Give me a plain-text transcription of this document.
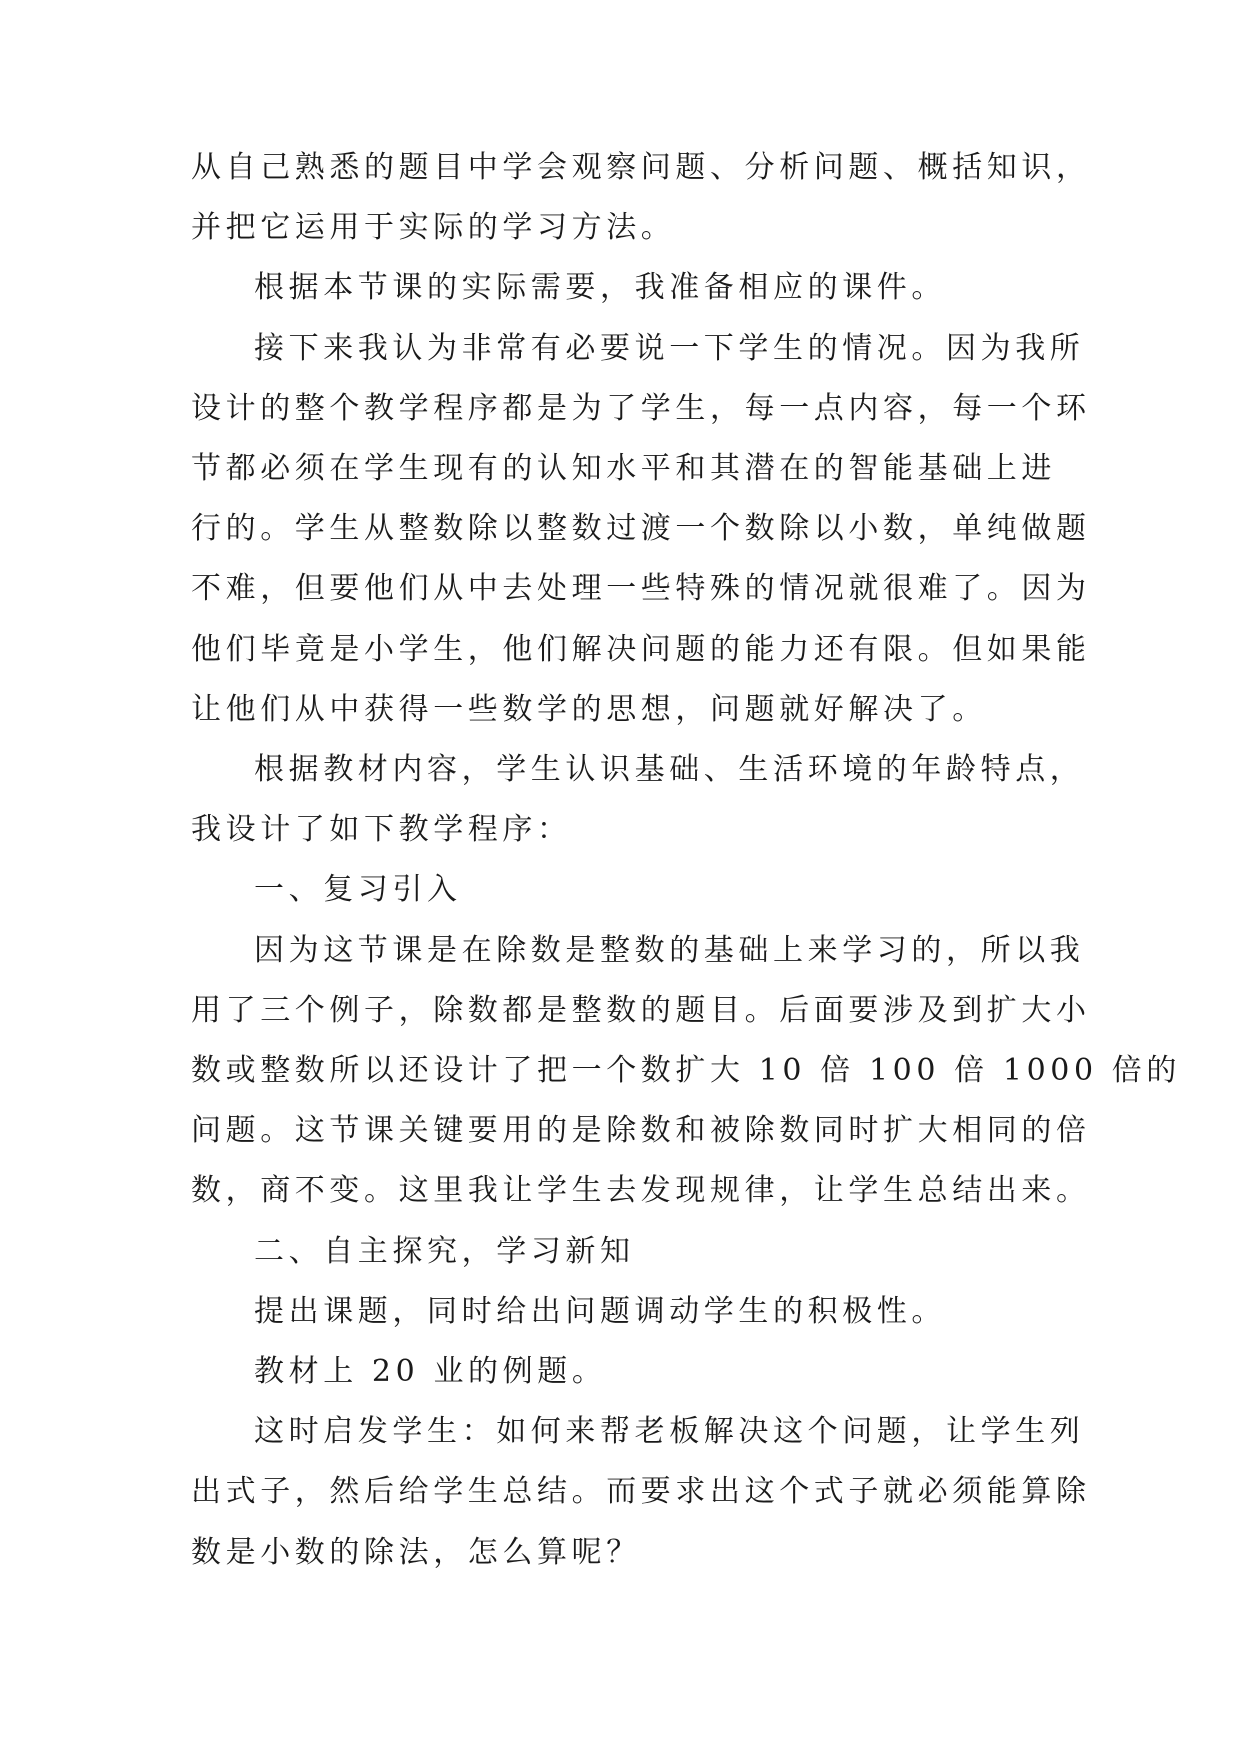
从自己熟悉的题目中学会观察问题、分析问题、概括知识，
并把它运用于实际的学习方法。

根据本节课的实际需要，我准备相应的课件。

接下来我认为非常有必要说一下学生的情况。因为我所
设计的整个教学程序都是为了学生，每一点内容，每一个环
节都必须在学生现有的认知水平和其潜在的智能基础上进
行的。学生从整数除以整数过渡一个数除以小数，单纯做题
不难，但要他们从中去处理一些特殊的情况就很难了。因为
他们毕竟是小学生，他们解决问题的能力还有限。但如果能
让他们从中获得一些数学的思想，问题就好解决了。

根据教材内容，学生认识基础、生活环境的年龄特点，
我设计了如下教学程序：

一、复习引入

因为这节课是在除数是整数的基础上来学习的，所以我
用了三个例子，除数都是整数的题目。后面要涉及到扩大小
数或整数所以还设计了把一个数扩大 10 倍 100 倍 1000 倍的
问题。这节课关键要用的是除数和被除数同时扩大相同的倍
数，商不变。这里我让学生去发现规律，让学生总结出来。

二、自主探究，学习新知

提出课题，同时给出问题调动学生的积极性。

教材上 20 业的例题。

这时启发学生：如何来帮老板解决这个问题，让学生列
出式子，然后给学生总结。而要求出这个式子就必须能算除
数是小数的除法，怎么算呢？
